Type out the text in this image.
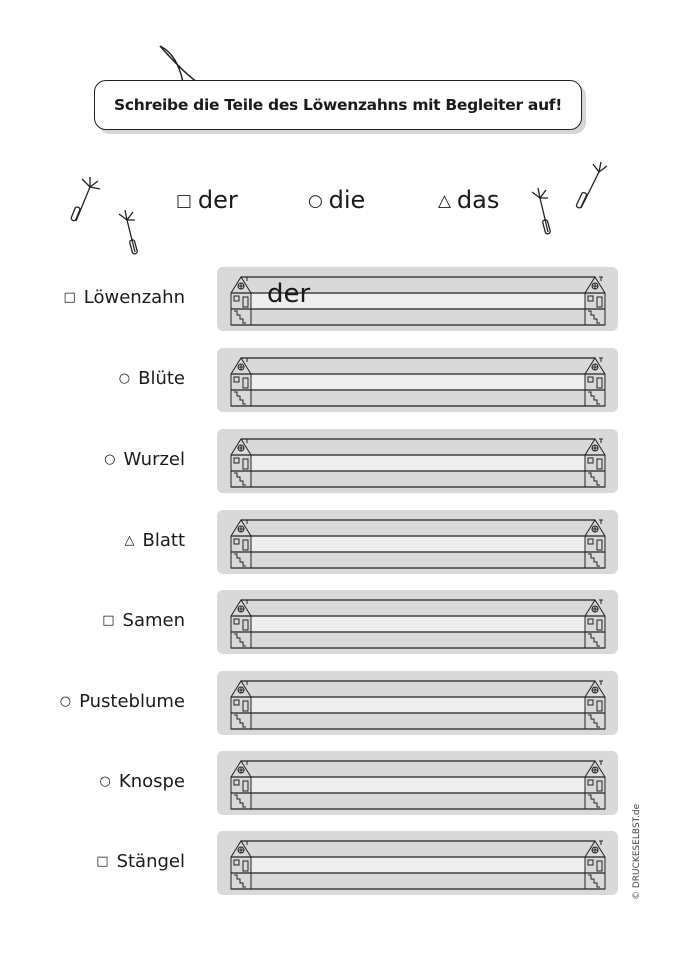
Schreibe die Teile des Löwenzahns mit Begleiter auf!
□ der	○ die	△ das
□ Löwenzahn	der
○ Blüte
○ Wurzel
△ Blatt
□ Samen
○ Pusteblume
○ Knospe
□ Stängel	© DRUCKESELBST.de
